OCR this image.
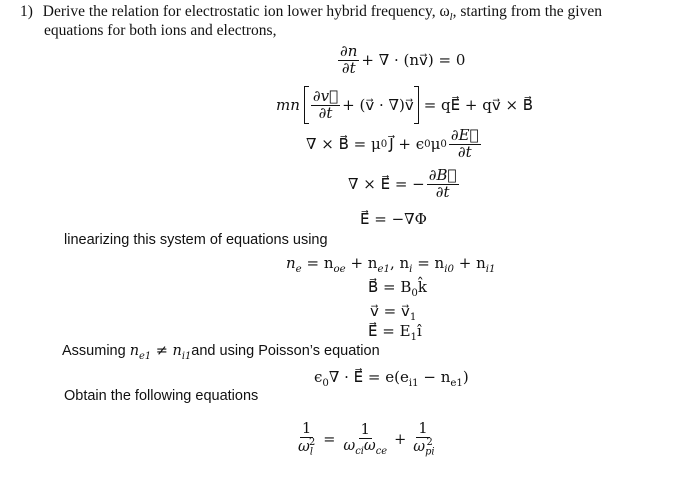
1) Derive the relation for electrostatic ion lower hybrid frequency, $\omega_l$, starting from the given
equations for both ions and electrons,
$\frac{\partial n}{\partial t}$ + ∇ · (nv⃗) = 0
mn $\frac{\partial v⃗}{\partial t}$ + (v⃗ · ∇)v⃗ = qE⃗ + qv⃗ × B⃗
∇ × B⃗ = μ 0 J⃗ + ϵ 0 μ $0 \frac{\partial E⃗}{\partial t}$
∇ × E⃗ = − $\frac{\partial B⃗}{\partial t}$
E⃗ = −∇Φ
linearizing this system of equations using
$n_e = n_{oe} + n_{e1}$, $n_i = n_{i0} + n_{i1}$
B⃗ = $B_0k̂$
v⃗ = $v⃗_1$
E⃗ = $E_1î$
Assuming $n_{e1} \ne n_{i1}and$ using Poisson’s equation
$\epsilon_0\nabla$ · E⃗ = $e(e_{i1} - n_{e1})$
Obtain the following equations
$\frac{1}{\omega_l^2} = \frac{1}{\omega_{ci}\omega_{ce}} + \frac{1}{\omega_{pi}^2}$
